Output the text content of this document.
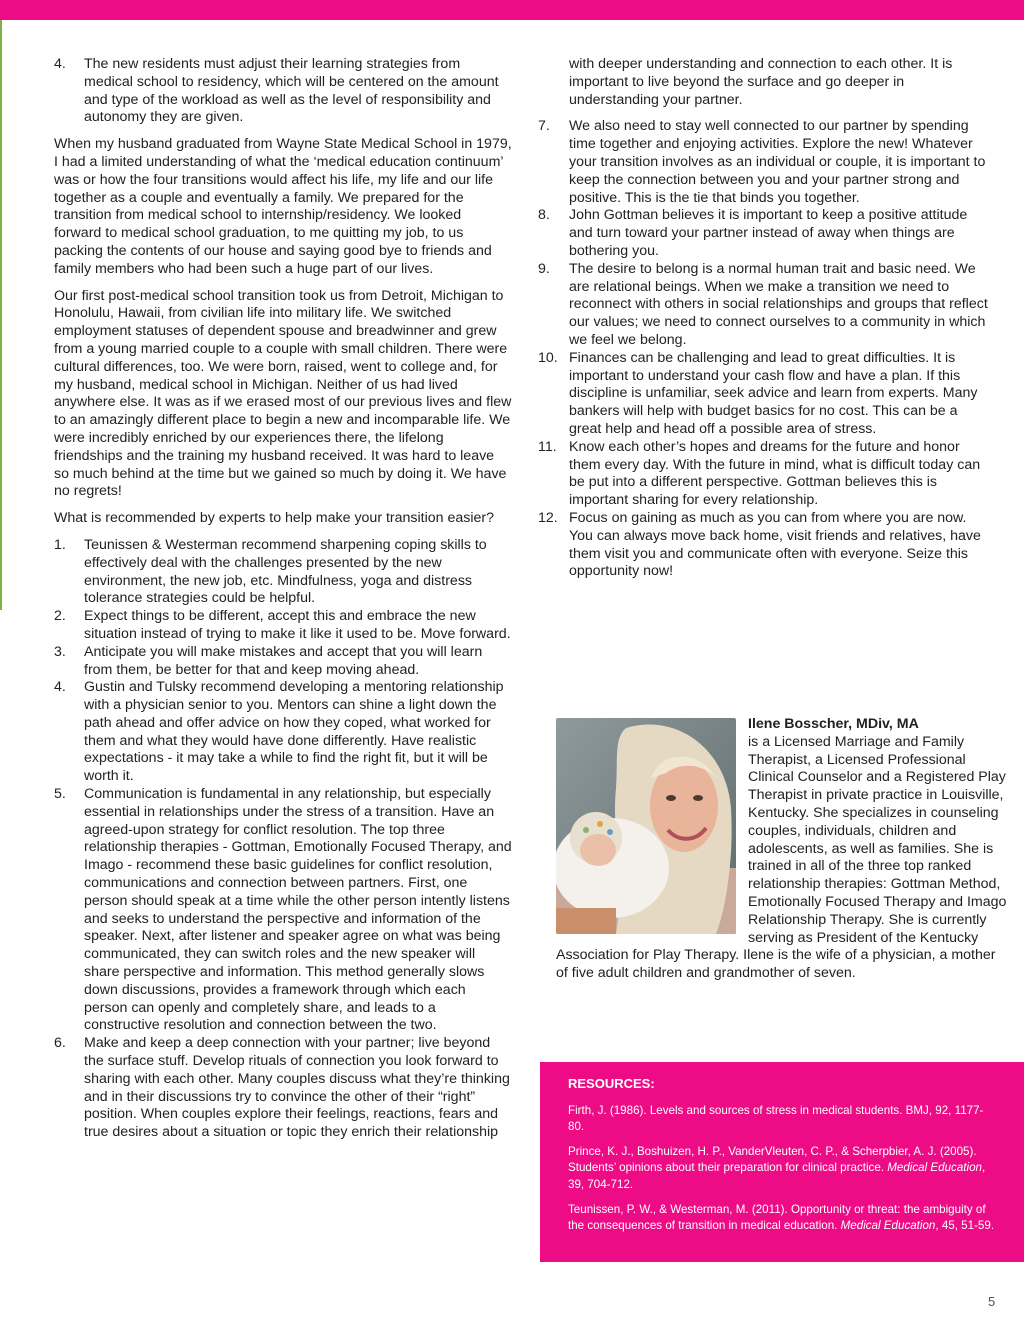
4. The new residents must adjust their learning strategies from medical school to residency, which will be centered on the amount and type of the workload as well as the level of responsibility and autonomy they are given.

When my husband graduated from Wayne State Medical School in 1979, I had a limited understanding of what the ‘medical education continuum’ was or how the four transitions would affect his life, my life and our life together as a couple and eventually a family. We prepared for the transition from medical school to internship/residency. We looked forward to medical school graduation, to me quitting my job, to us packing the contents of our house and saying good bye to friends and family members who had been such a huge part of our lives.

Our first post-medical school transition took us from Detroit, Michigan to Honolulu, Hawaii, from civilian life into military life. We switched employment statuses of dependent spouse and breadwinner and grew from a young married couple to a couple with small children. There were cultural differences, too. We were born, raised, went to college and, for my husband, medical school in Michigan. Neither of us had lived anywhere else. It was as if we erased most of our previous lives and flew to an amazingly different place to begin a new and incomparable life. We were incredibly enriched by our experiences there, the lifelong friendships and the training my husband received. It was hard to leave so much behind at the time but we gained so much by doing it. We have no regrets!

What is recommended by experts to help make your transition easier?

1. Teunissen & Westerman recommend sharpening coping skills to effectively deal with the challenges presented by the new environment, the new job, etc. Mindfulness, yoga and distress tolerance strategies could be helpful.
2. Expect things to be different, accept this and embrace the new situation instead of trying to make it like it used to be. Move forward.
3. Anticipate you will make mistakes and accept that you will learn from them, be better for that and keep moving ahead.
4. Gustin and Tulsky recommend developing a mentoring relationship with a physician senior to you. Mentors can shine a light down the path ahead and offer advice on how they coped, what worked for them and what they would have done differently. Have realistic expectations - it may take a while to find the right fit, but it will be worth it.
5. Communication is fundamental in any relationship, but especially essential in relationships under the stress of a transition. Have an agreed-upon strategy for conflict resolution. The top three relationship therapies - Gottman, Emotionally Focused Therapy, and Imago - recommend these basic guidelines for conflict resolution, communications and connection between partners. First, one person should speak at a time while the other person intently listens and seeks to understand the perspective and information of the speaker. Next, after listener and speaker agree on what was being communicated, they can switch roles and the new speaker will share perspective and information. This method generally slows down discussions, provides a framework through which each person can openly and completely share, and leads to a constructive resolution and connection between the two.
6. Make and keep a deep connection with your partner; live beyond the surface stuff. Develop rituals of connection you look forward to sharing with each other. Many couples discuss what they’re thinking and in their discussions try to convince the other of their “right” position. When couples explore their feelings, reactions, fears and true desires about a situation or topic they enrich their relationship

with deeper understanding and connection to each other. It is important to live beyond the surface and go deeper in understanding your partner.

7. We also need to stay well connected to our partner by spending time together and enjoying activities. Explore the new! Whatever your transition involves as an individual or couple, it is important to keep the connection between you and your partner strong and positive. This is the tie that binds you together.
8. John Gottman believes it is important to keep a positive attitude and turn toward your partner instead of away when things are bothering you.
9. The desire to belong is a normal human trait and basic need. We are relational beings. When we make a transition we need to reconnect with others in social relationships and groups that reflect our values; we need to connect ourselves to a community in which we feel we belong.
10. Finances can be challenging and lead to great difficulties. It is important to understand your cash flow and have a plan. If this discipline is unfamiliar, seek advice and learn from experts. Many bankers will help with budget basics for no cost. This can be a great help and head off a possible area of stress.
11. Know each other’s hopes and dreams for the future and honor them every day. With the future in mind, what is difficult today can be put into a different perspective. Gottman believes this is important sharing for every relationship.
12. Focus on gaining as much as you can from where you are now. You can always move back home, visit friends and relatives, have them visit you and communicate often with everyone. Seize this opportunity now!
Ilene Bosscher, MDiv, MA
is a Licensed Marriage and Family Therapist, a Licensed Professional Clinical Counselor and a Registered Play Therapist in private practice in Louisville, Kentucky. She specializes in counseling couples, individuals, children and adolescents, as well as families. She is trained in all of the three top ranked relationship therapies: Gottman Method, Emotionally Focused Therapy and Imago Relationship Therapy. She is currently serving as President of the Kentucky Association for Play Therapy. Ilene is the wife of a physician, a mother of five adult children and grandmother of seven.
RESOURCES:
Firth, J. (1986). Levels and sources of stress in medical students. BMJ, 92, 1177-80.
Prince, K. J., Boshuizen, H. P., VanderVleuten, C. P., & Scherpbier, A. J. (2005). Students’ opinions about their preparation for clinical practice. Medical Education, 39, 704-712.
Teunissen, P. W., & Westerman, M. (2011). Opportunity or threat: the ambiguity of the consequences of transition in medical education. Medical Education, 45, 51-59.
5
